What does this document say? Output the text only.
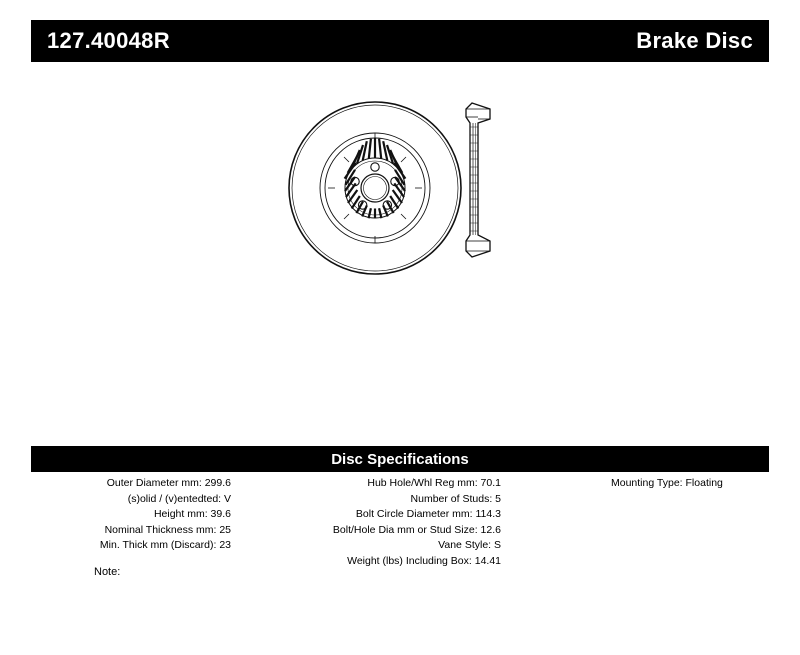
127.40048R	Brake Disc
Disc Specifications
Outer Diameter mm: 299.6
(s)olid / (v)entedted: V
Height mm: 39.6
Nominal Thickness mm: 25
Min. Thick mm (Discard): 23
Hub Hole/Whl Reg mm: 70.1
Number of Studs: 5
Bolt Circle Diameter mm: 114.3
Bolt/Hole Dia mm or Stud Size: 12.6
Vane Style: S
Weight (lbs) Including Box: 14.41
Mounting Type: Floating
Note:
